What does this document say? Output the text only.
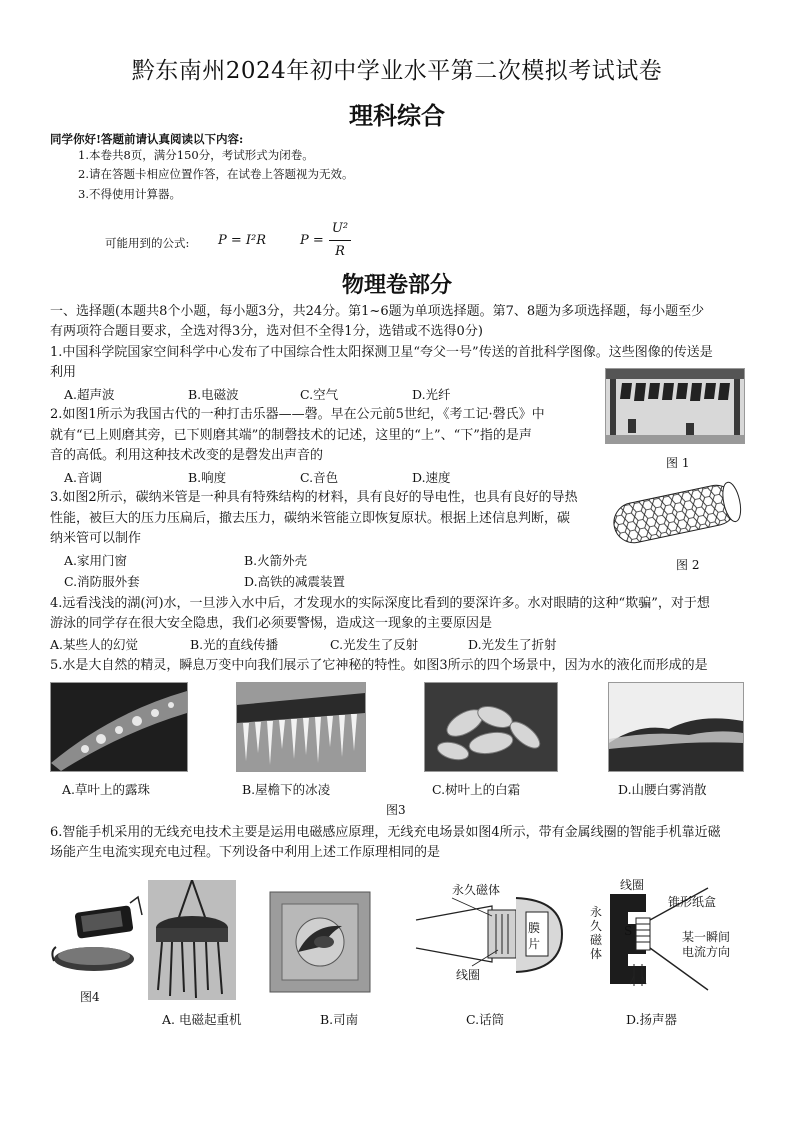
黔东南州2024年初中学业水平第二次模拟考试试卷
理科综合
同学你好!答题前请认真阅读以下内容:
1.本卷共8页，满分150分，考试形式为闭卷。
2.请在答题卡相应位置作答，在试卷上答题视为无效。
3.不得使用计算器。
可能用到的公式: P = I²R	P =
U²
R
物理卷部分
一、选择题(本题共8个小题，每小题3分，共24分。第1~6题为单项选择题。第7、8题为多项选择题，每小题至少
有两项符合题目要求，全选对得3分，选对但不全得1分，选错或不选得0分)
1.中国科学院国家空间科学中心发布了中国综合性太阳探测卫星“夸父一号”传送的首批科学图像。这些图像的传送是
利用
A.超声波	B.电磁波	C.空气	D.光纤
图 1
2.如图1所示为我国古代的一种打击乐器——磬。早在公元前5世纪，《考工记·磬氏》中
就有“已上则磨其旁，已下则磨其端”的制磬技术的记述，这里的“上”、“下”指的是声
音的高低。利用这种技术改变的是磬发出声音的
A.音调	B.响度	C.音色	D.速度
图 2
3.如图2所示，碳纳米管是一种具有特殊结构的材料，具有良好的导电性，也具有良好的导热
性能，被巨大的压力压扁后，撤去压力，碳纳米管能立即恢复原状。根据上述信息判断，碳
纳米管可以制作
A.家用门窗	B.火箭外壳
C.消防服外套	D.高铁的减震装置
4.远看浅浅的湖(河)水，一旦涉入水中后，才发现水的实际深度比看到的要深许多。水对眼睛的这种“欺骗”，对于想
游泳的同学存在很大安全隐患，我们必须要警惕，造成这一现象的主要原因是
A.某些人的幻觉	B.光的直线传播	C.光发生了反射	D.光发生了折射
5.水是大自然的精灵，瞬息万变中向我们展示了它神秘的特性。如图3所示的四个场景中，因为水的液化而形成的是
A.草叶上的露珠	B.屋檐下的冰凌	C.树叶上的白霜	D.山腰白雾消散
图3
6.智能手机采用的无线充电技术主要是运用电磁感应原理，无线充电场景如图4所示，带有金属线圈的智能手机靠近磁
场能产生电流实现充电过程。下列设备中利用上述工作原理相同的是
图4
永久磁体
膜片
线圈
线圈
锥形纸盒
永久磁体
S	某一瞬间电流方向
A. 电磁起重机	B.司南	C.话筒	D.扬声器
